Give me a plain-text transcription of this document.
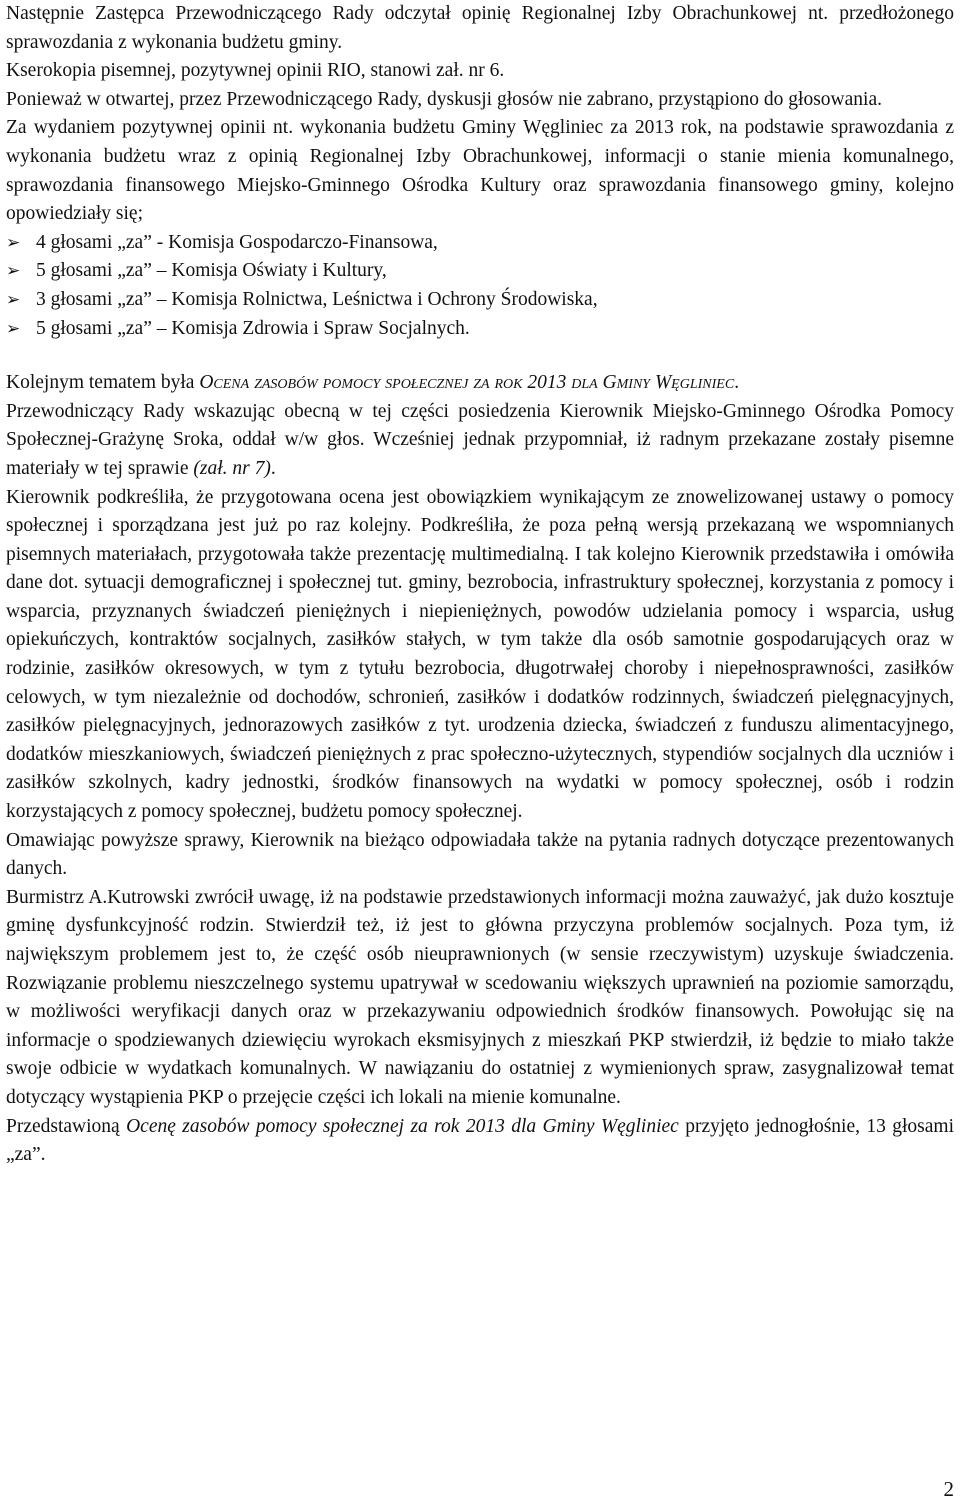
Następnie Zastępca Przewodniczącego Rady odczytał opinię Regionalnej Izby Obrachunkowej nt. przedłożonego sprawozdania z wykonania budżetu gminy.

Kserokopia pisemnej, pozytywnej opinii RIO, stanowi zał. nr 6.

Ponieważ w otwartej, przez Przewodniczącego Rady, dyskusji głosów nie zabrano, przystąpiono do głosowania.

Za wydaniem pozytywnej opinii nt. wykonania budżetu Gminy Węgliniec za 2013 rok, na podstawie sprawozdania z wykonania budżetu wraz z opinią Regionalnej Izby Obrachunkowej, informacji o stanie mienia komunalnego, sprawozdania finansowego Miejsko-Gminnego Ośrodka Kultury oraz sprawozdania finansowego gminy, kolejno opowiedziały się;

➢ 4 głosami „za” - Komisja Gospodarczo-Finansowa,
➢ 5 głosami „za” – Komisja Oświaty i Kultury,
➢ 3 głosami „za” – Komisja Rolnictwa, Leśnictwa i Ochrony Środowiska,
➢ 5 głosami „za” – Komisja Zdrowia i Spraw Socjalnych.

Kolejnym tematem była Ocena zasobów pomocy społecznej za rok 2013 dla Gminy Węgliniec.

Przewodniczący Rady wskazując obecną w tej części posiedzenia Kierownik Miejsko-Gminnego Ośrodka Pomocy Społecznej-Grażynę Sroka, oddał w/w głos. Wcześniej jednak przypomniał, iż radnym przekazane zostały pisemne materiały w tej sprawie (zał. nr 7).

Kierownik podkreśliła, że przygotowana ocena jest obowiązkiem wynikającym ze znowelizowanej ustawy o pomocy społecznej i sporządzana jest już po raz kolejny. Podkreśliła, że poza pełną wersją przekazaną we wspomnianych pisemnych materiałach, przygotowała także prezentację multimedialną. I tak kolejno Kierownik przedstawiła i omówiła dane dot. sytuacji demograficznej i społecznej tut. gminy, bezrobocia, infrastruktury społecznej, korzystania z pomocy i wsparcia, przyznanych świadczeń pieniężnych i niepieniężnych, powodów udzielania pomocy i wsparcia, usług opiekuńczych, kontraktów socjalnych, zasiłków stałych, w tym także dla osób samotnie gospodarujących oraz w rodzinie, zasiłków okresowych, w tym z tytułu bezrobocia, długotrwałej choroby i niepełnosprawności, zasiłków celowych, w tym niezależnie od dochodów, schronień, zasiłków i dodatków rodzinnych, świadczeń pielęgnacyjnych, zasiłków pielęgnacyjnych, jednorazowych zasiłków z tyt. urodzenia dziecka, świadczeń z funduszu alimentacyjnego, dodatków mieszkaniowych, świadczeń pieniężnych z prac społeczno-użytecznych, stypendiów socjalnych dla uczniów i zasiłków szkolnych, kadry jednostki, środków finansowych na wydatki w pomocy społecznej, osób i rodzin korzystających z pomocy społecznej, budżetu pomocy społecznej.

Omawiając powyższe sprawy, Kierownik na bieżąco odpowiadała także na pytania radnych dotyczące prezentowanych danych.

Burmistrz A.Kutrowski zwrócił uwagę, iż na podstawie przedstawionych informacji można zauważyć, jak dużo kosztuje gminę dysfunkcyjność rodzin. Stwierdził też, iż jest to główna przyczyna problemów socjalnych. Poza tym, iż największym problemem jest to, że część osób nieuprawnionych (w sensie rzeczywistym) uzyskuje świadczenia. Rozwiązanie problemu nieszczelnego systemu upatrywał w scedowaniu większych uprawnień na poziomie samorządu, w możliwości weryfikacji danych oraz w przekazywaniu odpowiednich środków finansowych. Powołując się na informacje o spodziewanych dziewięciu wyrokach eksmisyjnych z mieszkań PKP stwierdził, iż będzie to miało także swoje odbicie w wydatkach komunalnych. W nawiązaniu do ostatniej z wymienionych spraw, zasygnalizował temat dotyczący wystąpienia PKP o przejęcie części ich lokali na mienie komunalne.

Przedstawioną Ocenę zasobów pomocy społecznej za rok 2013 dla Gminy Węgliniec przyjęto jednogłośnie, 13 głosami „za”.

2
